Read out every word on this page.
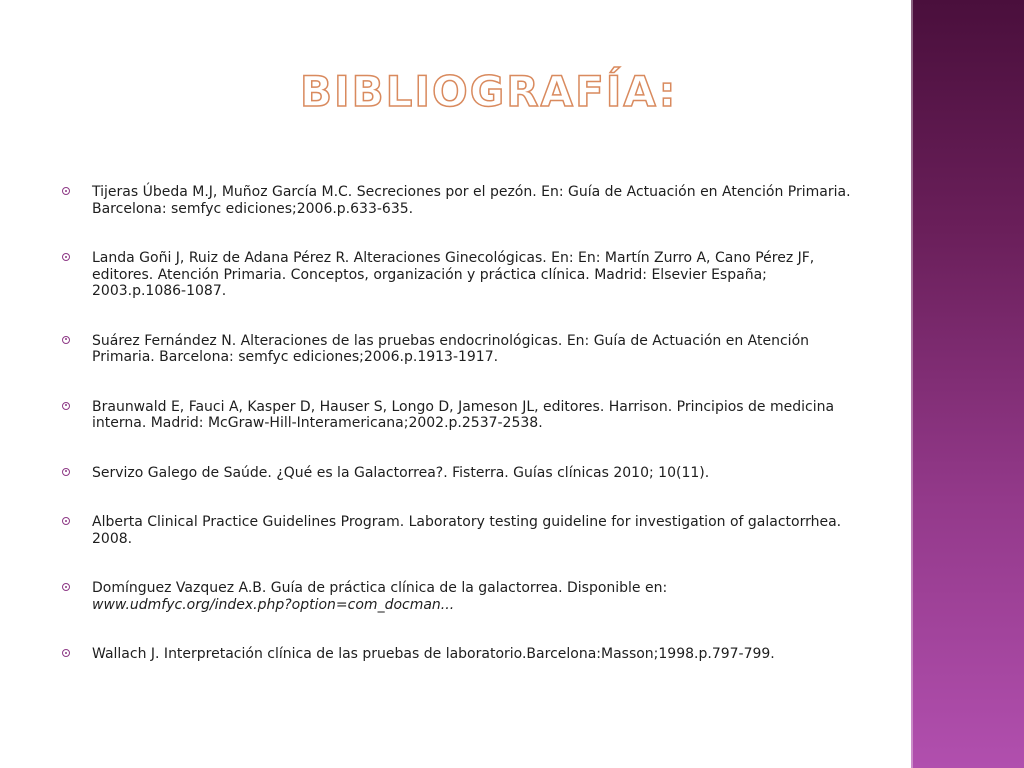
BIBLIOGRAFÍA:
Tijeras Úbeda M.J, Muñoz García M.C. Secreciones por el pezón. En: Guía de Actuación en Atención Primaria. Barcelona: semfyc ediciones;2006.p.633-635.
Landa Goñi J, Ruiz de Adana Pérez R. Alteraciones Ginecológicas. En: En: Martín Zurro A, Cano Pérez JF, editores. Atención Primaria. Conceptos, organización y práctica clínica. Madrid: Elsevier España; 2003.p.1086-1087.
Suárez Fernández N. Alteraciones de las pruebas endocrinológicas. En: Guía de Actuación en Atención Primaria. Barcelona: semfyc ediciones;2006.p.1913-1917.
Braunwald E, Fauci A, Kasper D, Hauser S, Longo D, Jameson JL, editores. Harrison. Principios de medicina interna. Madrid: McGraw-Hill-Interamericana;2002.p.2537-2538.
Servizo Galego de Saúde. ¿Qué es la Galactorrea?. Fisterra. Guías clínicas 2010; 10(11).
Alberta Clinical Practice Guidelines Program. Laboratory testing guideline for investigation of galactorrhea. 2008.
Domínguez Vazquez A.B. Guía de práctica clínica de la galactorrea. Disponible en:
www.udmfyc.org/index.php?option=com_docman...
Wallach J. Interpretación clínica de las pruebas de laboratorio.Barcelona:Masson;1998.p.797-799.
